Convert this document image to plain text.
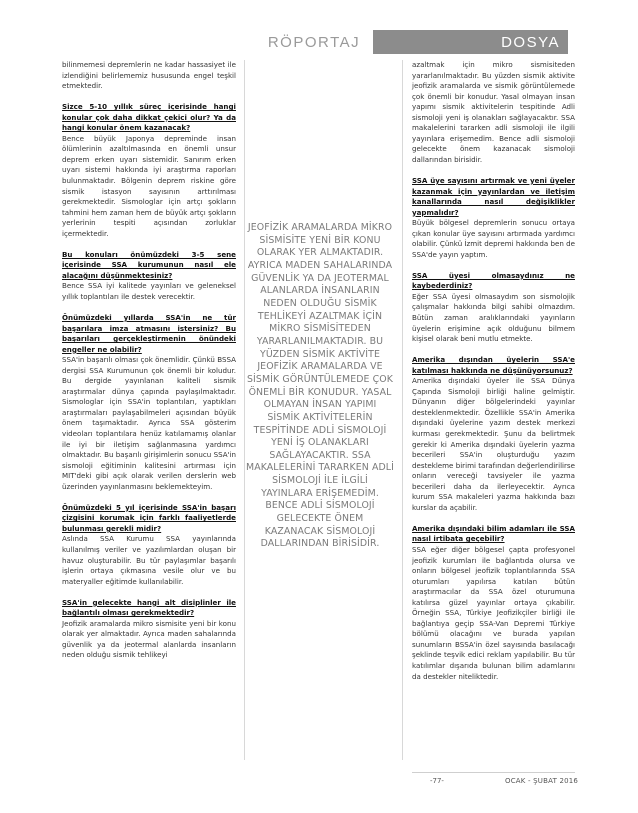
RÖPORTAJ	DOSYA

bilinmemesi depremlerin ne kadar hassasiyet ile izlendiğini belirlememiz hususunda engel teşkil etmektedir.

Sizce 5-10 yıllık süreç içerisinde hangi konular çok daha dikkat çekici olur? Ya da hangi konular önem kazanacak?

Bence büyük Japonya depreminde insan ölümlerinin azaltılmasında en önemli unsur deprem erken uyarı sistemidir. Sanırım erken uyarı sistemi hakkında iyi araştırma raporları bulunmaktadır. Bölgenin deprem riskine göre sismik istasyon sayısının arttırılması gerekmektedir. Sismologlar için artçı şokların tahmini hem zaman hem de büyük artçı şokların yerlerinin tespiti açısından zorluklar içermektedir.

Bu konuları önümüzdeki 3-5 sene içerisinde SSA kurumunun nasıl ele alacağını düşünmektesiniz?

Bence SSA iyi kalitede yayınları ve geleneksel yıllık toplantıları ile destek verecektir.

Önümüzdeki yıllarda SSA'in ne tür başarılara imza atmasını istersiniz? Bu başarıları gerçekleştirmenin önündeki engeller ne olabilir?

SSA'in başarılı olması çok önemlidir. Çünkü BSSA dergisi SSA Kurumunun çok önemli bir koludur. Bu dergide yayınlanan kaliteli sismik araştırmalar dünya çapında paylaşılmaktadır. Sismologlar için SSA'in toplantıları, yaptıkları araştırmaları paylaşabilmeleri açısından büyük önem taşımaktadır. Ayrıca SSA gösterim videoları toplantılara henüz katılamamış olanlar ile iyi bir iletişim sağlanmasına yardımcı olmaktadır. Bu başarılı girişimlerin sonucu SSA'in sismoloji eğitiminin kalitesini artırması için MIT'deki gibi açık olarak verilen derslerin web üzerinden yayınlanmasını beklemekteyim.

Önümüzdeki 5 yıl içerisinde SSA'in başarı çizgisini korumak için farklı faaliyetlerde bulunması gerekli midir?

Aslında SSA Kurumu SSA yayınlarında kullanılmış veriler ve yazılımlardan oluşan bir havuz oluşturabilir. Bu tür paylaşımlar başarılı işlerin ortaya çıkmasına vesile olur ve bu materyaller eğitimde kullanılabilir.

SSA'in gelecekte hangi alt disiplinler ile bağlantılı olması gerekmektedir?

Jeofizik aramalarda mikro sismisite yeni bir konu olarak yer almaktadır. Ayrıca maden sahalarında güvenlik ya da jeotermal alanlarda insanların neden olduğu sismik tehlikeyi

JEOFİZİK ARAMALARDA MİKRO SİSMİSİTE YENİ BİR KONU OLARAK YER ALMAKTADIR. AYRICA MADEN SAHALARINDA GÜVENLİK YA DA JEOTERMAL ALANLARDA İNSANLARIN NEDEN OLDUĞU SİSMİK TEHLİKEYİ AZALTMAK İÇİN MİKRO SİSMİSİTEDEN YARARLANILMAKTADIR. BU YÜZDEN SİSMİK AKTİVİTE JEOFİZİK ARAMALARDA VE SİSMİK GÖRÜNTÜLEMEDE ÇOK ÖNEMLİ BİR KONUDUR. YASAL OLMAYAN İNSAN YAPIMI SİSMİK AKTİVİTELERİN TESPİTİNDE ADLİ SİSMOLOJİ YENİ İŞ OLANAKLARI SAĞLAYACAKTIR. SSA MAKALELERİNİ TARARKEN ADLİ SİSMOLOJİ İLE İLGİLİ YAYINLARA ERİŞEMEDİM. BENCE ADLİ SİSMOLOJİ GELECEKTE ÖNEM KAZANACAK SİSMOLOJİ DALLARINDAN BİRİSİDİR.

azaltmak için mikro sismisiteden yararlanılmaktadır. Bu yüzden sismik aktivite jeofizik aramalarda ve sismik görüntülemede çok önemli bir konudur. Yasal olmayan insan yapımı sismik aktivitelerin tespitinde Adli sismoloji yeni iş olanakları sağlayacaktır. SSA makalelerini tararken adli sismoloji ile ilgili yayınlara erişemedim. Bence adli sismoloji gelecekte önem kazanacak sismoloji dallarından birisidir.

SSA üye sayısını artırmak ve yeni üyeler kazanmak için yayınlardan ve iletişim kanallarında nasıl değişiklikler yapmalıdır?

Büyük bölgesel depremlerin sonucu ortaya çıkan konular üye sayısını artırmada yardımcı olabilir. Çünkü İzmit depremi hakkında ben de SSA'de yayın yaptım.

SSA üyesi olmasaydınız ne kaybederdiniz?

Eğer SSA üyesi olmasaydım son sismolojik çalışmalar hakkında bilgi sahibi olmazdım. Bütün zaman aralıklarındaki yayınların üyelerin erişimine açık olduğunu bilmem kişisel olarak beni mutlu etmekte.

Amerika dışından üyelerin SSA'e katılması hakkında ne düşünüyorsunuz?

Amerika dışındaki üyeler ile SSA Dünya Çapında Sismoloji birliği haline gelmiştir. Dünyanın diğer bölgelerindeki yayınlar desteklenmektedir. Özellikle SSA'in Amerika dışındaki üyelerine yazım destek merkezi kurması gerekmektedir. Şunu da belirtmek gerekir ki Amerika dışındaki üyelerin yazma becerileri SSA'in oluşturduğu yazım destekleme birimi tarafından değerlendirilirse onların vereceği tavsiyeler ile yazma becerileri daha da ilerleyecektir. Ayrıca kurum SSA makaleleri yazma hakkında bazı kurslar da açabilir.

Amerika dışındaki bilim adamları ile SSA nasıl irtibata geçebilir?

SSA eğer diğer bölgesel çapta profesyonel jeofizik kurumları ile bağlantıda olursa ve onların bölgesel jeofizik toplantılarında SSA oturumları yapılırsa katılan bütün araştırmacılar da SSA özel oturumuna katılırsa güzel yayınlar ortaya çıkabilir. Örneğin SSA, Türkiye Jeofizikçiler birliği ile bağlantıya geçip SSA-Van Depremi Türkiye bölümü olacağını ve burada yapılan sunumların BSSA'in özel sayısında basılacağı şeklinde teşvik edici reklam yapılabilir. Bu tür katılımlar dışarıda bulunan bilim adamlarını da destekler niteliktedir.

-77-	OCAK - ŞUBAT 2016
